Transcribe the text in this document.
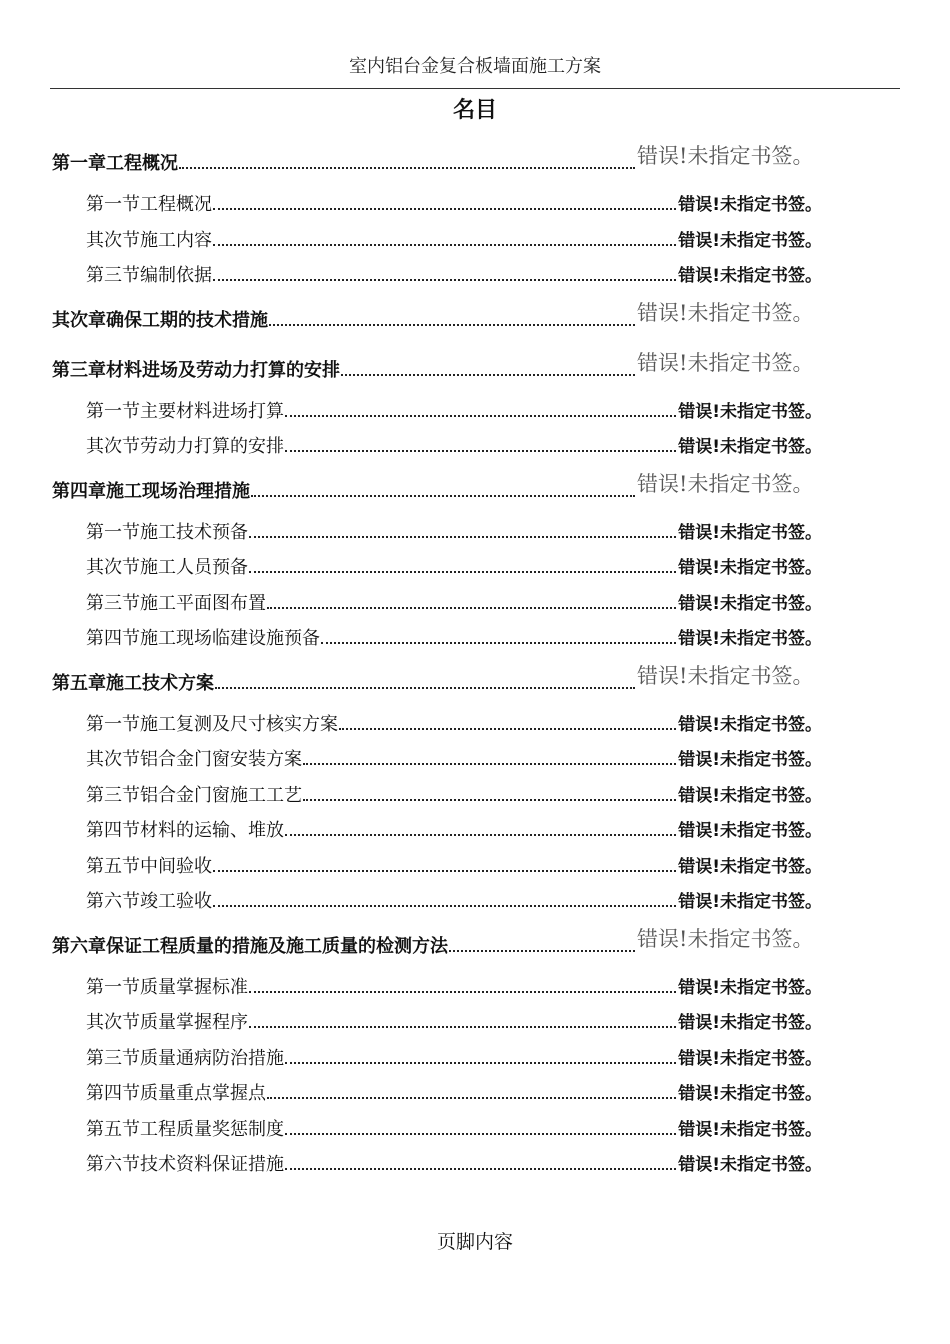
室内铝台金复合板墙面施工方案
名目
第一章工程概况	错误!未指定书签。
第一节工程概况	错误!未指定书签。
其次节施工内容	错误!未指定书签。
第三节编制依据	错误!未指定书签。
其次章确保工期的技术措施	错误!未指定书签。
第三章材料进场及劳动力打算的安排	错误!未指定书签。
第一节主要材料进场打算	错误!未指定书签。
其次节劳动力打算的安排	错误!未指定书签。
第四章施工现场治理措施	错误!未指定书签。
第一节施工技术预备	错误!未指定书签。
其次节施工人员预备	错误!未指定书签。
第三节施工平面图布置	错误!未指定书签。
第四节施工现场临建设施预备	错误!未指定书签。
第五章施工技术方案	错误!未指定书签。
第一节施工复测及尺寸核实方案	错误!未指定书签。
其次节铝合金门窗安装方案	错误!未指定书签。
第三节铝合金门窗施工工艺	错误!未指定书签。
第四节材料的运输、堆放	错误!未指定书签。
第五节中间验收	错误!未指定书签。
第六节竣工验收	错误!未指定书签。
第六章保证工程质量的措施及施工质量的检测方法	错误!未指定书签。
第一节质量掌握标准	错误!未指定书签。
其次节质量掌握程序	错误!未指定书签。
第三节质量通病防治措施	错误!未指定书签。
第四节质量重点掌握点	错误!未指定书签。
第五节工程质量奖惩制度	错误!未指定书签。
第六节技术资料保证措施	错误!未指定书签。
页脚内容
